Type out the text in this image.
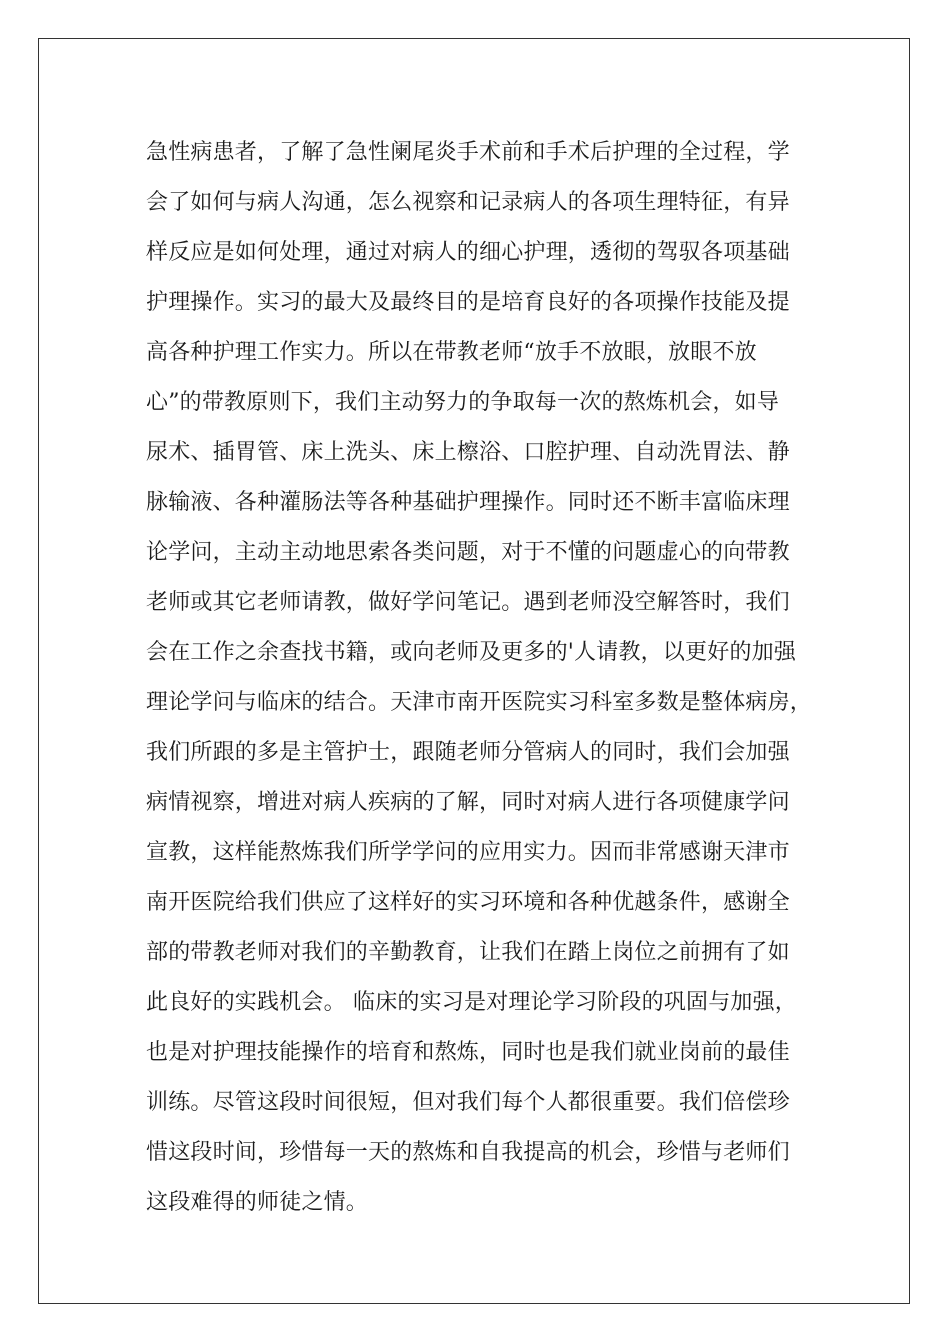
急性病患者，了解了急性阑尾炎手术前和手术后护理的全过程，学
会了如何与病人沟通，怎么视察和记录病人的各项生理特征，有异
样反应是如何处理，通过对病人的细心护理，透彻的驾驭各项基础
护理操作。实习的最大及最终目的是培育良好的各项操作技能及提
高各种护理工作实力。所以在带教老师“放手不放眼，放眼不放
心”的带教原则下，我们主动努力的争取每一次的熬炼机会，如导
尿术、插胃管、床上洗头、床上檫浴、口腔护理、自动洗胃法、静
脉输液、各种灌肠法等各种基础护理操作。同时还不断丰富临床理
论学问，主动主动地思索各类问题，对于不懂的问题虚心的向带教
老师或其它老师请教，做好学问笔记。遇到老师没空解答时，我们
会在工作之余查找书籍，或向老师及更多的'人请教，以更好的加强
理论学问与临床的结合。天津市南开医院实习科室多数是整体病房，
我们所跟的多是主管护士，跟随老师分管病人的同时，我们会加强
病情视察，增进对病人疾病的了解，同时对病人进行各项健康学问
宣教，这样能熬炼我们所学学问的应用实力。因而非常感谢天津市
南开医院给我们供应了这样好的实习环境和各种优越条件，感谢全
部的带教老师对我们的辛勤教育，让我们在踏上岗位之前拥有了如
此良好的实践机会。 临床的实习是对理论学习阶段的巩固与加强，
也是对护理技能操作的培育和熬炼，同时也是我们就业岗前的最佳
训练。尽管这段时间很短，但对我们每个人都很重要。我们倍偿珍
惜这段时间，珍惜每一天的熬炼和自我提高的机会，珍惜与老师们
这段难得的师徒之情。
